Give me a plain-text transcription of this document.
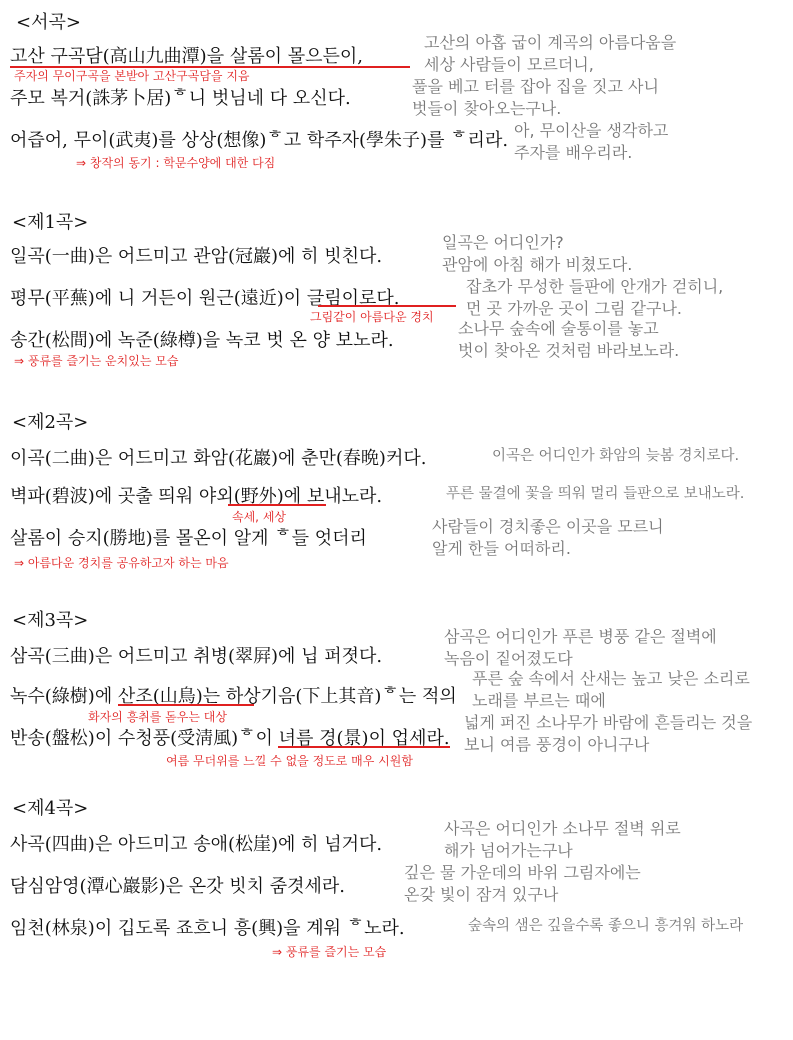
<서곡>
고산 구곡담(高山九曲潭)을 살롬이 몰으든이,
주자의 무이구곡을 본받아 고산구곡담을 지음
주모 복거(誅茅卜居)ᄒ니 벗님네 다 오신다.
어즙어, 무이(武夷)를 상상(想像)ᄒ고 학주자(學朱子)를 ᄒ리라.
⇒ 창작의 동기 : 학문수양에 대한 다짐
고산의 아홉 굽이 계곡의 아름다움을
세상 사람들이 모르더니,
풀을 베고 터를 잡아 집을 짓고 사니
벗들이 찾아오는구나.
아, 무이산을 생각하고
주자를 배우리라.
<제1곡>
일곡(一曲)은 어드미고 관암(冠巖)에 히 빗친다.
평무(平蕪)에 니 거든이 원근(遠近)이 글림이로다.
그림같이 아름다운 경치
송간(松間)에 녹준(綠樽)을 녹코 벗 온 양 보노라.
⇒ 풍류를 즐기는 운치있는 모습
일곡은 어디인가?
관암에 아침 해가 비쳤도다.
잡초가 무성한 들판에 안개가 걷히니,
먼 곳 가까운 곳이 그림 같구나.
소나무 숲속에 술통이를 놓고
벗이 찾아온 것처럼 바라보노라.
<제2곡>
이곡(二曲)은 어드미고 화암(花巖)에 춘만(春晩)커다.	이곡은 어디인가 화암의 늦봄 경치로다.
벽파(碧波)에 곳출 띄워 야외(野外)에 보내노라.
속세, 세상
푸른 물결에 꽃을 띄워 멀리 들판으로 보내노라.
살롬이 승지(勝地)를 몰온이 알게 ᄒ들 엇더리
⇒ 아름다운 경치를 공유하고자 하는 마음
사람들이 경치좋은 이곳을 모르니
알게 한들 어떠하리.
<제3곡>
삼곡(三曲)은 어드미고 취병(翠屛)에 닙 퍼졋다.
녹수(綠樹)에 산조(山鳥)는 하상기음(下上其音)ᄒ는 적의
화자의 흥취를 돋우는 대상
반송(盤松)이 수청풍(受淸風)ᄒ이 녀름 경(景)이 업세라.
여름 무더위를 느낄 수 없을 정도로 매우 시원함
삼곡은 어디인가 푸른 병풍 같은 절벽에
녹음이 짙어졌도다
푸른 숲 속에서 산새는 높고 낮은 소리로
노래를 부르는 때에
넓게 퍼진 소나무가 바람에 흔들리는 것을
보니 여름 풍경이 아니구나
<제4곡>
사곡(四曲)은 아드미고 송애(松崖)에 히 넘거다.
담심암영(潭心巖影)은 온갓 빗치 줌겻세라.
임천(林泉)이 깁도록 죠흐니 흥(興)을 계워 ᄒ노라.
⇒ 풍류를 즐기는 모습
사곡은 어디인가 소나무 절벽 위로
해가 넘어가는구나
깊은 물 가운데의 바위 그림자에는
온갖 빛이 잠겨 있구나
숲속의 샘은 깊을수록 좋으니 흥겨워 하노라
